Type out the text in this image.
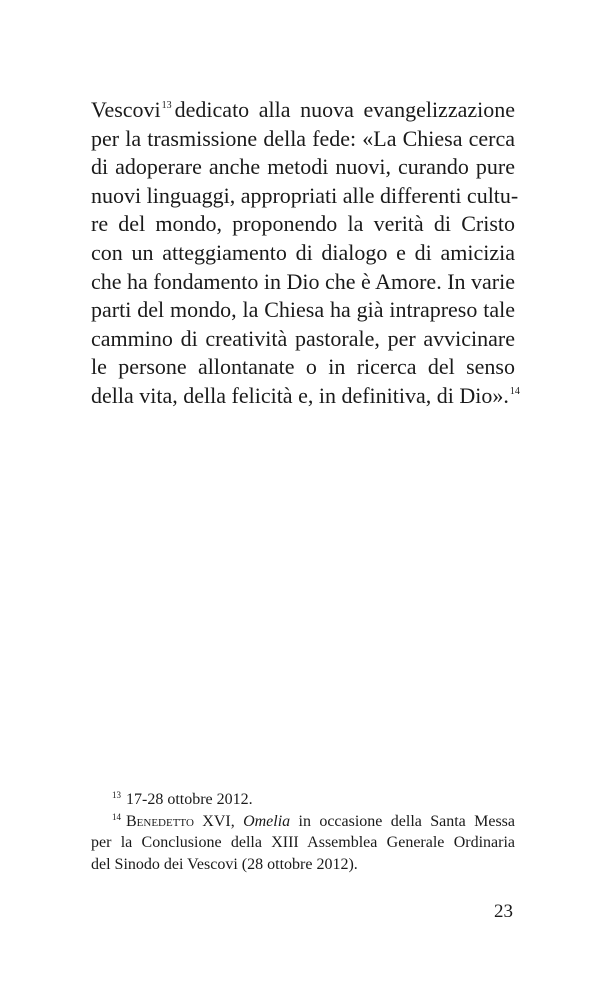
Vescovi$^{13}$ dedicato alla nuova evangelizzazione
per la trasmissione della fede: «La Chiesa cerca
di adoperare anche metodi nuovi, curando pure
nuovi linguaggi, appropriati alle differenti cultu-
re del mondo, proponendo la verità di Cristo
con un atteggiamento di dialogo e di amicizia
che ha fondamento in Dio che è Amore. In varie
parti del mondo, la Chiesa ha già intrapreso tale
cammino di creatività pastorale, per avvicinare
le persone allontanate o in ricerca del senso
della vita, della felicità e, in definitiva, di Dio».$^{14}$
$^{13}$ 17-28 ottobre 2012.
$^{14}$ Benedetto XVI, Omelia in occasione della Santa Messa
per la Conclusione della XIII Assemblea Generale Ordinaria
del Sinodo dei Vescovi (28 ottobre 2012).
23
